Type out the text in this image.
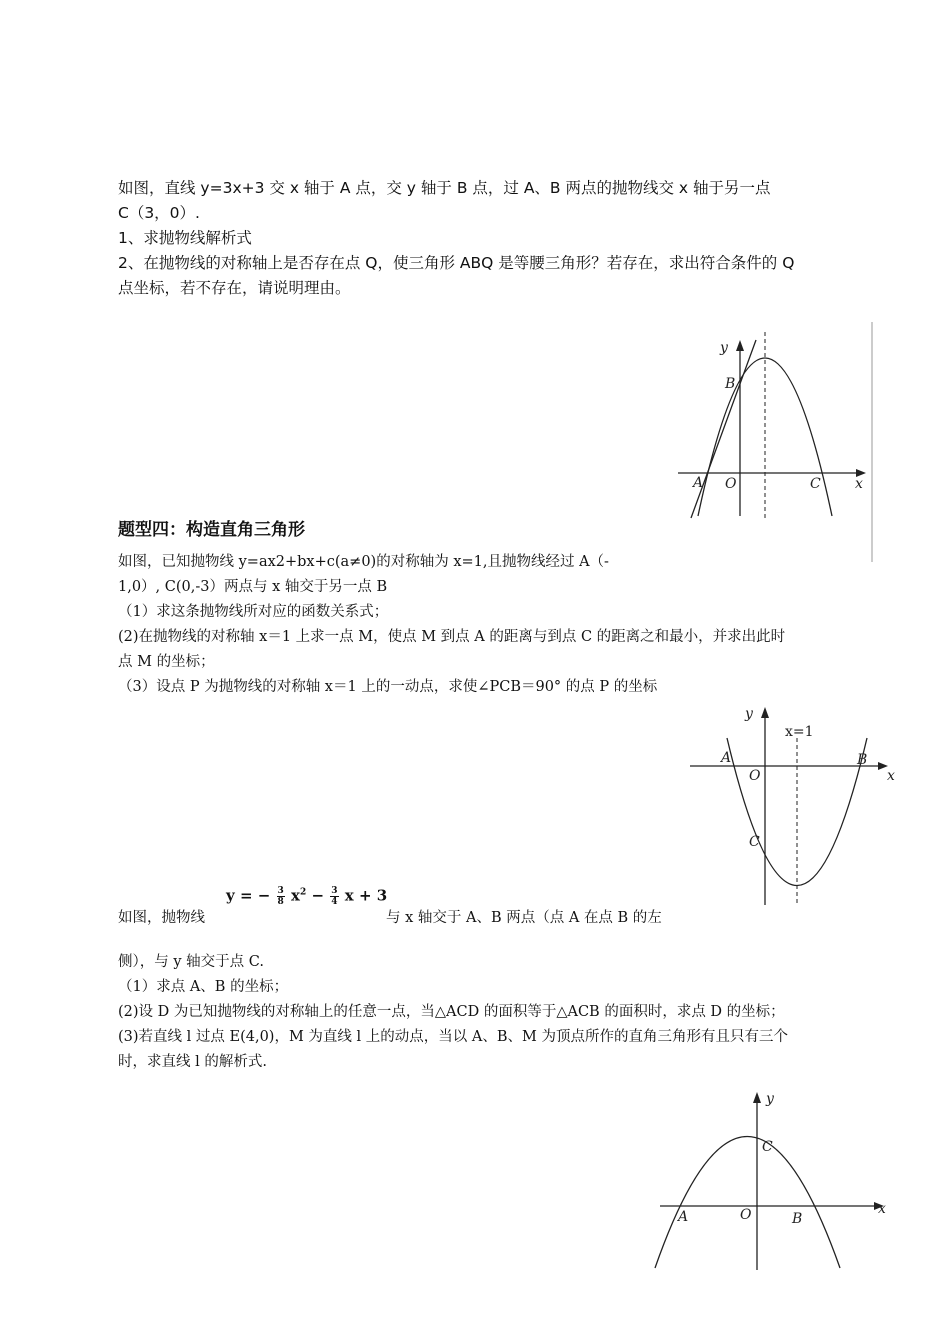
如图，直线 y=3x+3 交 x 轴于 A 点，交 y 轴于 B 点，过 A、B 两点的抛物线交 x 轴于另一点
C（3，0）.
1、求抛物线解析式
2、在抛物线的对称轴上是否存在点 Q，使三角形 ABQ 是等腰三角形？若存在，求出符合条件的 Q
点坐标，若不存在，请说明理由。
y
B
A O	C x
题型四：构造直角三角形
如图，已知抛物线 y=ax2+bx+c(a≠0)的对称轴为 x=1,且抛物线经过 A（-
1,0）, C(0,-3）两点与 x 轴交于另一点 B
（1）求这条抛物线所对应的函数关系式；
(2)在抛物线的对称轴 x＝1 上求一点 M，使点 M 到点 A 的距离与到点 C 的距离之和最小，并求出此时
点 M 的坐标；
（3）设点 P 为抛物线的对称轴 x＝1 上的一动点，求使∠PCB＝90° 的点 P 的坐标
y
x=1
A
O
B
x
C
如图，抛物线
y = − $\frac{3}{8} x^2 - \frac{3}{4}$ x + 3
与 x 轴交于 A、B 两点（点 A 在点 B 的左
侧），与 y 轴交于点 C.
（1）求点 A、B 的坐标；
(2)设 D 为已知抛物线的对称轴上的任意一点，当△ACD 的面积等于△ACB 的面积时，求点 D 的坐标；
(3)若直线 l 过点 E(4,0)，M 为直线 l 上的动点，当以 A、B、M 为顶点所作的直角三角形有且只有三个
时，求直线 l 的解析式.
y
C
x
A	O	B
